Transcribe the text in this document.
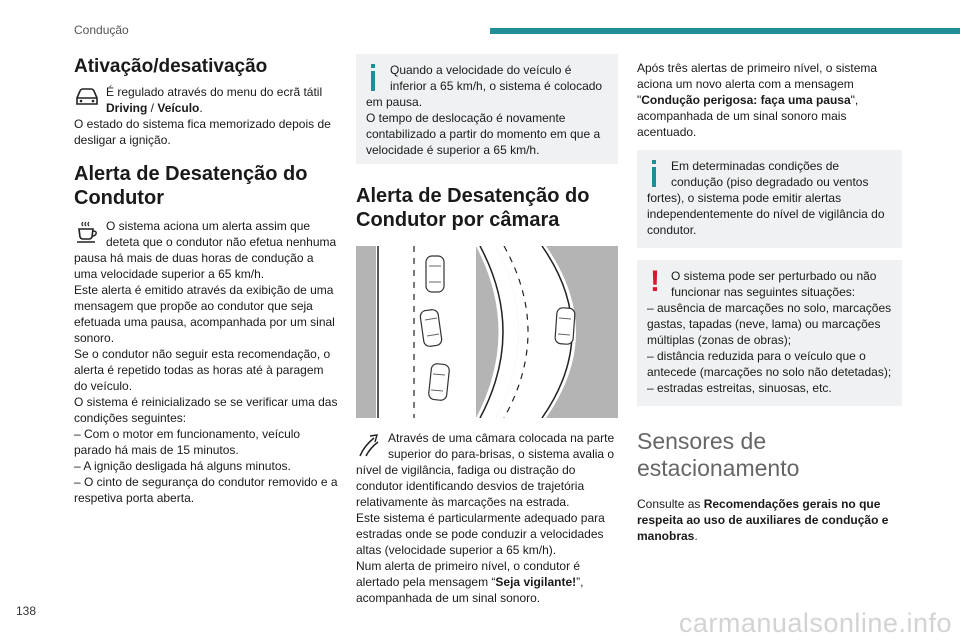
Condução
Ativação/desativação

É regulado através do menu do ecrã tátil Driving / Veículo.

O estado do sistema fica memorizado depois de desligar a ignição.

Alerta de Desatenção do Condutor

O sistema aciona um alerta assim que deteta que o condutor não efetua nenhuma pausa há mais de duas horas de condução a uma velocidade superior a 65 km/h.

Este alerta é emitido através da exibição de uma mensagem que propõe ao condutor que seja efetuada uma pausa, acompanhada por um sinal sonoro.

Se o condutor não seguir esta recomendação, o alerta é repetido todas as horas até à paragem do veículo.

O sistema é reinicializado se se verificar uma das condições seguintes:

– Com o motor em funcionamento, veículo parado há mais de 15 minutos.

– A ignição desligada há alguns minutos.

– O cinto de segurança do condutor removido e a respetiva porta aberta.

Quando a velocidade do veículo é inferior a 65 km/h, o sistema é colocado em pausa.

O tempo de deslocação é novamente contabilizado a partir do momento em que a velocidade é superior a 65 km/h.

Alerta de Desatenção do Condutor por câmara

Através de uma câmara colocada na parte superior do para-brisas, o sistema avalia o nível de vigilância, fadiga ou distração do condutor identificando desvios de trajetória relativamente às marcações na estrada.

Este sistema é particularmente adequado para estradas onde se pode conduzir a velocidades altas (velocidade superior a 65 km/h).

Num alerta de primeiro nível, o condutor é alertado pela mensagem “Seja vigilante!”, acompanhada de um sinal sonoro.

Após três alertas de primeiro nível, o sistema aciona um novo alerta com a mensagem "Condução perigosa: faça uma pausa", acompanhada de um sinal sonoro mais acentuado.

Em determinadas condições de condução (piso degradado ou ventos fortes), o sistema pode emitir alertas independentemente do nível de vigilância do condutor.

! O sistema pode ser perturbado ou não funcionar nas seguintes situações:

– ausência de marcações no solo, marcações gastas, tapadas (neve, lama) ou marcações múltiplas (zonas de obras);

– distância reduzida para o veículo que o antecede (marcações no solo não detetadas);

– estradas estreitas, sinuosas, etc.

Sensores de estacionamento

Consulte as Recomendações gerais no que respeita ao uso de auxiliares de condução e manobras.

138	carmanualsonline.info
